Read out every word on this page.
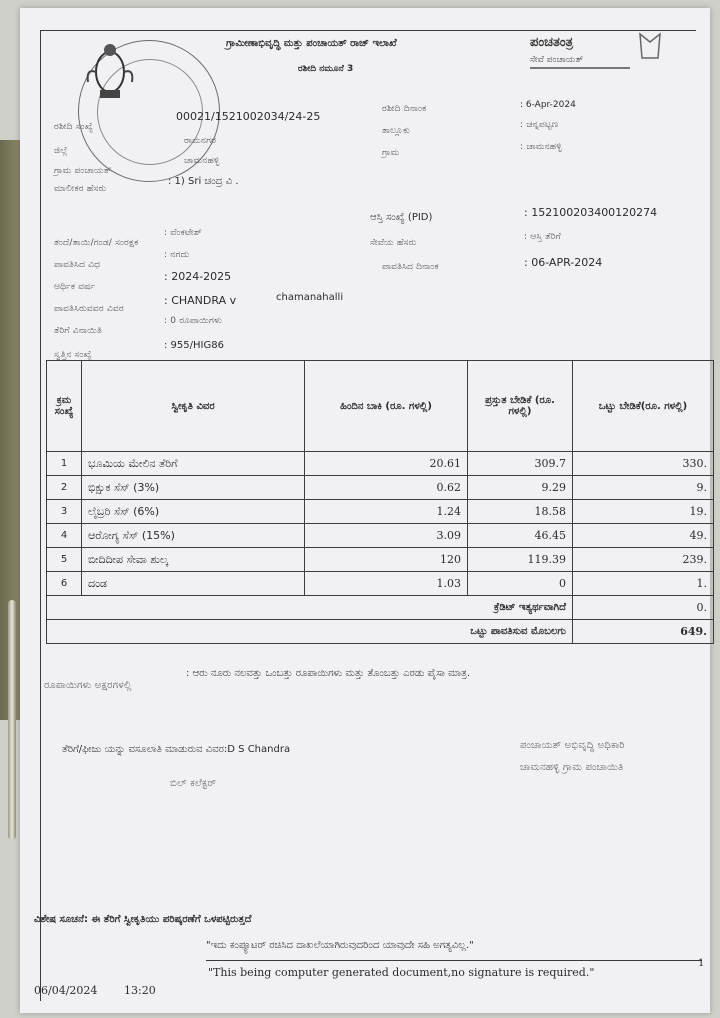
ಪಂಚತಂತ್ರ
ಸೇವೆ ಪಂಚಾಯತ್
ಗ್ರಾಮೀಣಾಭಿವೃದ್ಧಿ ಮತ್ತು ಪಂಚಾಯತ್ ರಾಜ್ ಇಲಾಖೆ
ರಶೀದಿ ನಮೂನೆ 3
ರಶೀದಿ ಸಂಖ್ಯೆ
00021/1521002034/24-25
ಜಿಲ್ಲೆ
ರಾಮನಗರ
ಗ್ರಾಮ ಪಂಚಾಯತ್
ಚಾಮನಹಳ್ಳಿ
ಮಾಲೀಕರ ಹೆಸರು
: 1) Sri ಚಂದ್ರ ವಿ .
ರಶೀದಿ ದಿನಾಂಕ	: 6-Apr-2024
ತಾಲ್ಲೂಕು
: ಚನ್ನಪಟ್ಟಣ
ಗ್ರಾಮ
: ಚಾಮನಹಳ್ಳಿ
ತಂದೆ/ತಾಯಿ/ಗಂಡ/ ಸಂರಕ್ಷಕ
: ವೆಂಕಟೇಶ್
ಪಾವತಿಸಿದ ವಿಧ
: ನಗದು
ಆರ್ಥಿಕ ವರ್ಷ
: 2024-2025
ಪಾವತಿಸಿರುವವರ ವಿವರ
: CHANDRA v	chamanahalli
ತೆರಿಗೆ ವಿನಾಯಿತಿ
: 0 ರೂಪಾಯಿಗಳು
ಸ್ವತ್ತಿನ ಸಂಖ್ಯೆ
: 955/HIG86
ಆಸ್ತಿ ಸಂಖ್ಯೆ (PID)	: 152100203400120274
ಸೇವೆಯ ಹೆಸರು
: ಆಸ್ತಿ ತೆರಿಗೆ
ಪಾವತಿಸಿದ ದಿನಾಂಕ	: 06-APR-2024
ಕ್ರಮ ಸಂಖ್ಯೆ	ಸ್ವೀಕೃತಿ ವಿವರ	ಹಿಂದಿನ ಬಾಕಿ (ರೂ. ಗಳಲ್ಲಿ)	ಪ್ರಸ್ತುತ ಬೇಡಿಕೆ (ರೂ. ಗಳಲ್ಲಿ)	ಒಟ್ಟು ಬೇಡಿಕೆ(ರೂ. ಗಳಲ್ಲಿ)
1	ಭೂಮಿಯ ಮೇಲಿನ ತೆರಿಗೆ	20.61	309.7	330.
2	ಭಿಕ್ಷುಕ ಸೆಸ್ (3%)	0.62	9.29	9.
3	ಲೈಬ್ರರಿ ಸೆಸ್ (6%)	1.24	18.58	19.
4	ಆರೋಗ್ಯ ಸೆಸ್ (15%)	3.09	46.45	49.
5	ಬೀದಿದೀಪ ಸೇವಾ ಶುಲ್ಕ	120	119.39	239.
6	ದಂಡ	1.03	0	1.
ಕ್ರೆಡಿಟ್ ಇತ್ಯರ್ಥವಾಗಿದೆ				0.
ಒಟ್ಟು ಪಾವತಿಸುವ ಮೊಬಲಗು				649.
ರೂಪಾಯಿಗಳು ಅಕ್ಷರಗಳಲ್ಲಿ
: ಆರು ನೂರು ನಲವತ್ತು ಒಂಬತ್ತು ರೂಪಾಯಿಗಳು ಮತ್ತು ತೊಂಬತ್ತು ಎರಡು ಪೈಸಾ ಮಾತ್ರ.
ತೆರಿಗೆ/ಫೀಜು ಯನ್ನು ವಸೂಲಾತಿ ಮಾಡುರುವ ವಿವರ:D S Chandra
ಬಿಲ್ ಕಲೆಕ್ಟರ್
ಪಂಚಾಯತ್ ಅಭಿವೃದ್ಧಿ ಅಧಿಕಾರಿ
ಚಾಮನಹಳ್ಳಿ ಗ್ರಾಮ ಪಂಚಾಯಿತಿ
ವಿಶೇಷ ಸೂಚನೆ: ಈ ತೆರಿಗೆ ಸ್ವೀಕೃತಿಯು ಪರಿಷ್ಕರಣೆಗೆ ಒಳಪಟ್ಟಿರುತ್ತದೆ
"ಇದು ಕಂಪ್ಯೂಟರ್ ರಚಿಸಿದ ದಾಖಲೆಯಾಗಿರುವುದರಿಂದ ಯಾವುದೇ ಸಹಿ ಅಗತ್ಯವಿಲ್ಲ."
"This being computer generated document,no signature is required."
1
06/04/2024 13:20
